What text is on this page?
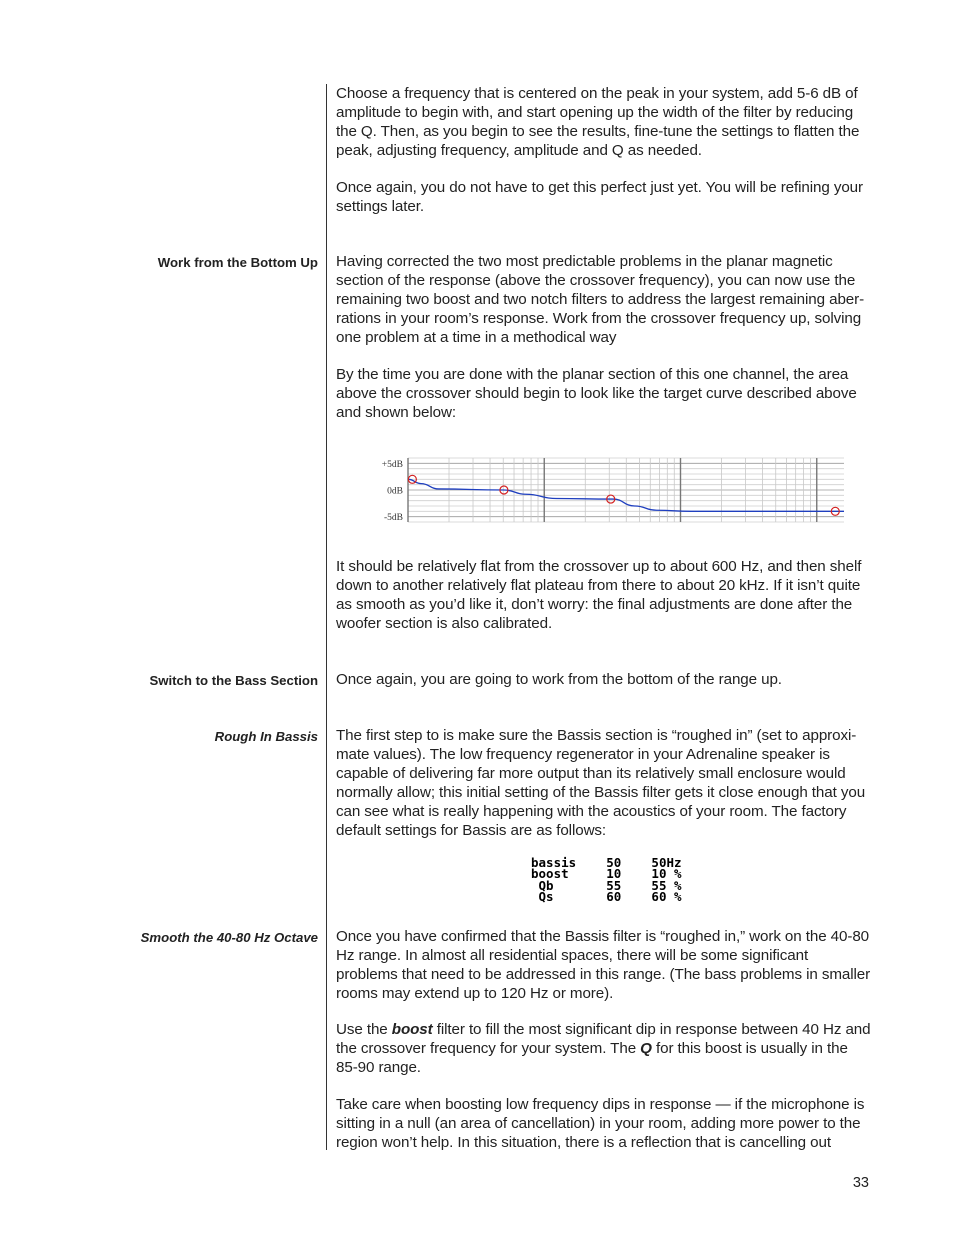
Choose a frequency that is centered on the peak in your system, add 5-6 dB of amplitude to begin with, and start opening up the width of the filter by reducing the Q. Then, as you begin to see the results, fine-tune the settings to flatten the peak, adjusting frequency, amplitude and Q as needed.

Once again, you do not have to get this perfect just yet. You will be refining your settings later.

Work from the Bottom Up Having corrected the two most predictable problems in the planar magnetic section of the response (above the crossover frequency), you can now use the remaining two boost and two notch filters to address the largest remaining aber-rations in your room’s response. Work from the crossover frequency up, solving one problem at a time in a methodical way

By the time you are done with the planar section of this one channel, the area above the crossover should begin to look like the target curve described above and shown below:

+5dB
0dB
-5dB

It should be relatively flat from the crossover up to about 600 Hz, and then shelf down to another relatively flat plateau from there to about 20 kHz. If it isn’t quite as smooth as you’d like it, don’t worry: the final adjustments are done after the woofer section is also calibrated.

Switch to the Bass Section Once again, you are going to work from the bottom of the range up.

Rough In Bassis The first step to is make sure the Bassis section is “roughed in” (set to approxi-mate values). The low frequency regenerator in your Adrenaline speaker is capable of delivering far more output than its relatively small enclosure would normally allow; this initial setting of the Bassis filter gets it close enough that you can see what is really happening with the acoustics of your room. The factory default settings for Bassis are as follows:

bassis    50    50Hz
boost     10    10 %
Qb       55    55 %
Qs       60    60 %
Smooth the 40-80 Hz Octave Once you have confirmed that the Bassis filter is “roughed in,” work on the 40-80 Hz range. In almost all residential spaces, there will be some significant problems that need to be addressed in this range. (The bass problems in smaller rooms may extend up to 120 Hz or more).

Use the boost filter to fill the most significant dip in response between 40 Hz and the crossover frequency for your system. The Q for this boost is usually in the 85-90 range.

Take care when boosting low frequency dips in response — if the microphone is sitting in a null (an area of cancellation) in your room, adding more power to the region won’t help. In this situation, there is a reflection that is cancelling out

33
